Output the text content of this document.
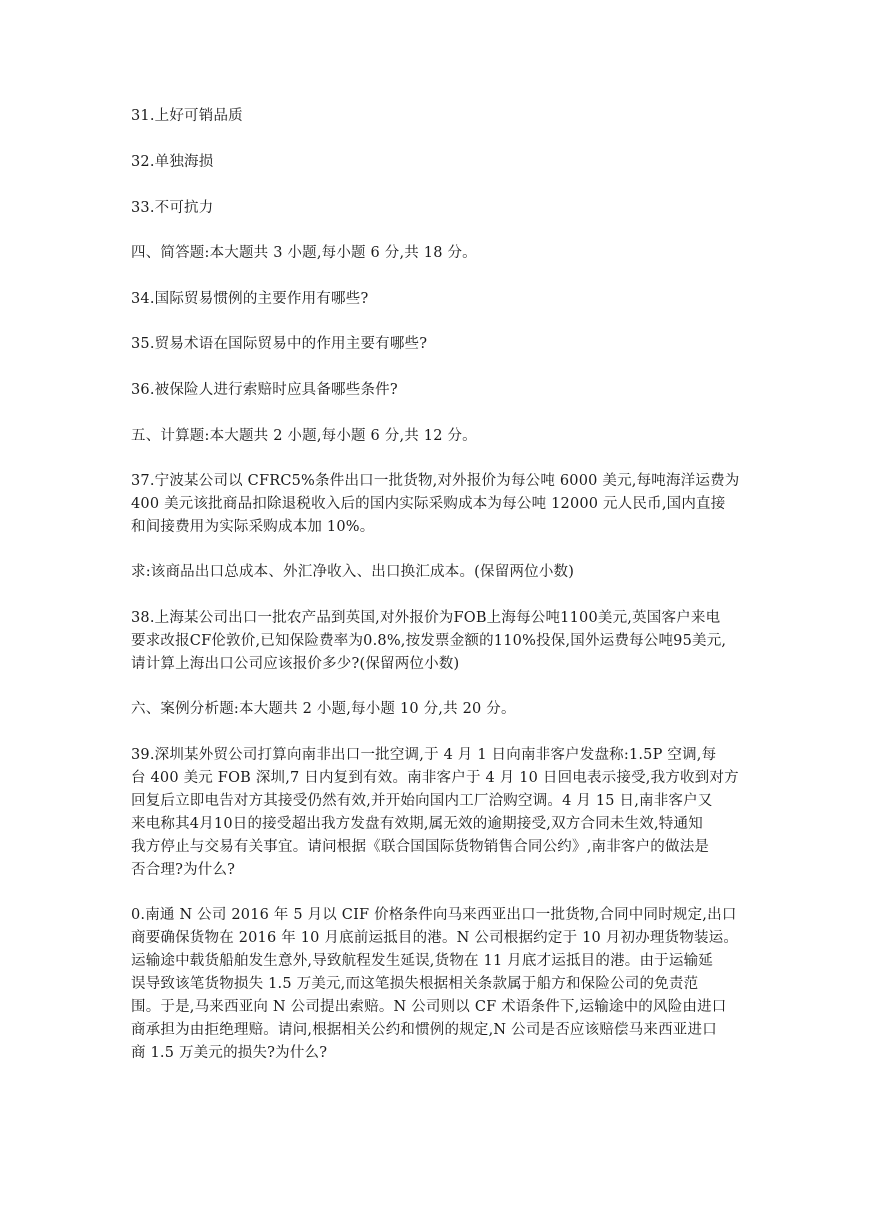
31.上好可销品质
32.单独海损
33.不可抗力
四、简答题:本大题共 3 小题,每小题 6 分,共 18 分。
34.国际贸易惯例的主要作用有哪些?
35.贸易术语在国际贸易中的作用主要有哪些?
36.被保险人进行索赔时应具备哪些条件?
五、计算题:本大题共 2 小题,每小题 6 分,共 12 分。
37.宁波某公司以 CFRC5%条件出口一批货物,对外报价为每公吨 6000 美元,每吨海洋运费为
400 美元该批商品扣除退税收入后的国内实际采购成本为每公吨 12000 元人民币,国内直接
和间接费用为实际采购成本加 10%。
求:该商品出口总成本、外汇净收入、出口换汇成本。(保留两位小数)
38.上海某公司出口一批农产品到英国,对外报价为FOB上海每公吨1100美元,英国客户来电
要求改报CF伦敦价,已知保险费率为0.8%,按发票金额的110%投保,国外运费每公吨95美元,
请计算上海出口公司应该报价多少?(保留两位小数)
六、案例分析题:本大题共 2 小题,每小题 10 分,共 20 分。
39.深圳某外贸公司打算向南非出口一批空调,于 4 月 1 日向南非客户发盘称:1.5P 空调,每
台 400 美元 FOB 深圳,7 日内复到有效。南非客户于 4 月 10 日回电表示接受,我方收到对方
回复后立即电告对方其接受仍然有效,并开始向国内工厂洽购空调。4 月 15 日,南非客户又
来电称其4月10日的接受超出我方发盘有效期,属无效的逾期接受,双方合同未生效,特通知
我方停止与交易有关事宜。请问根据《联合国国际货物销售合同公约》,南非客户的做法是
否合理?为什么?
0.南通 N 公司 2016 年 5 月以 CIF 价格条件向马来西亚出口一批货物,合同中同时规定,出口
商要确保货物在 2016 年 10 月底前运抵目的港。N 公司根据约定于 10 月初办理货物装运。
运输途中载货船舶发生意外,导致航程发生延误,货物在 11 月底才运抵目的港。由于运输延
误导致该笔货物损失 1.5 万美元,而这笔损失根据相关条款属于船方和保险公司的免责范
围。于是,马来西亚向 N 公司提出索赔。N 公司则以 CF 术语条件下,运输途中的风险由进口
商承担为由拒绝理赔。请问,根据相关公约和惯例的规定,N 公司是否应该赔偿马来西亚进口
商 1.5 万美元的损失?为什么?
